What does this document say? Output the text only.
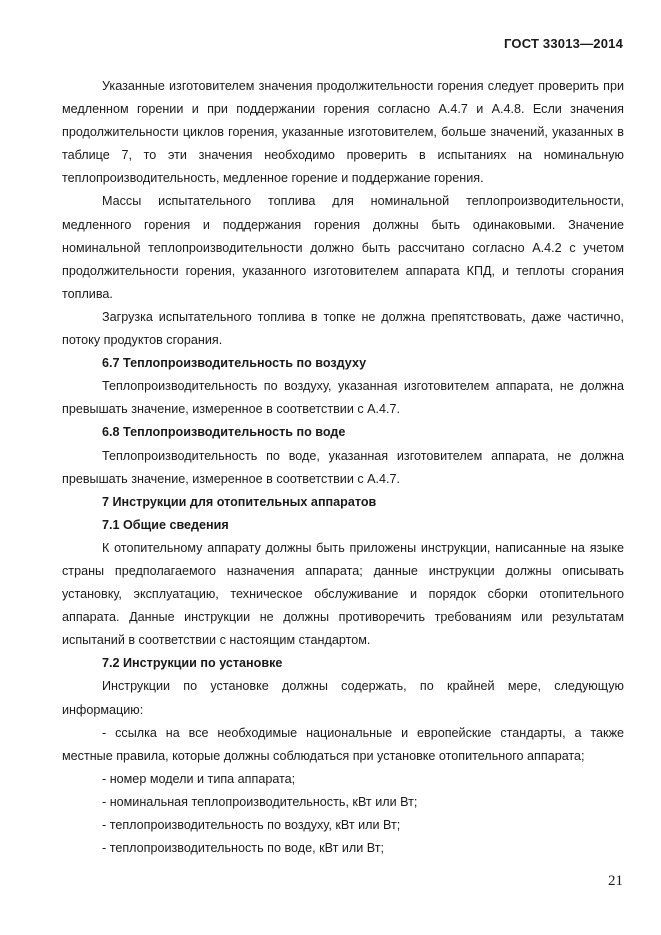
ГОСТ 33013—2014

Указанные изготовителем значения продолжительности горения следует проверить при медленном горении и при поддержании горения согласно А.4.7 и А.4.8. Если значения продолжительности циклов горения, указанные изготовителем, больше значений, указанных в таблице 7, то эти значения необходимо проверить в испытаниях на номинальную теплопроизводительность, медленное горение и поддержание горения.

Массы испытательного топлива для номинальной теплопроизводительности, медленного горения и поддержания горения должны быть одинаковыми. Значение номинальной теплопроизводительности должно быть рассчитано согласно А.4.2 с учетом продолжительности горения, указанного изготовителем аппарата КПД, и теплоты сгорания топлива.

Загрузка испытательного топлива в топке не должна препятствовать, даже частично, потоку продуктов сгорания.

6.7 Теплопроизводительность по воздуху

Теплопроизводительность по воздуху, указанная изготовителем аппарата, не должна превышать значение, измеренное в соответствии с А.4.7.

6.8 Теплопроизводительность по воде

Теплопроизводительность по воде, указанная изготовителем аппарата, не должна превышать значение, измеренное в соответствии с А.4.7.

7 Инструкции для отопительных аппаратов

7.1 Общие сведения

К отопительному аппарату должны быть приложены инструкции, написанные на языке страны предполагаемого назначения аппарата; данные инструкции должны описывать установку, эксплуатацию, техническое обслуживание и порядок сборки отопительного аппарата. Данные инструкции не должны противоречить требованиям или результатам испытаний в соответствии с настоящим стандартом.

7.2 Инструкции по установке

Инструкции по установке должны содержать, по крайней мере, следующую информацию:

- ссылка на все необходимые национальные и европейские стандарты, а также местные правила, которые должны соблюдаться при установке отопительного аппарата;

- номер модели и типа аппарата;

- номинальная теплопроизводительность, кВт или Вт;

- теплопроизводительность по воздуху, кВт или Вт;

- теплопроизводительность по воде, кВт или Вт;

21
